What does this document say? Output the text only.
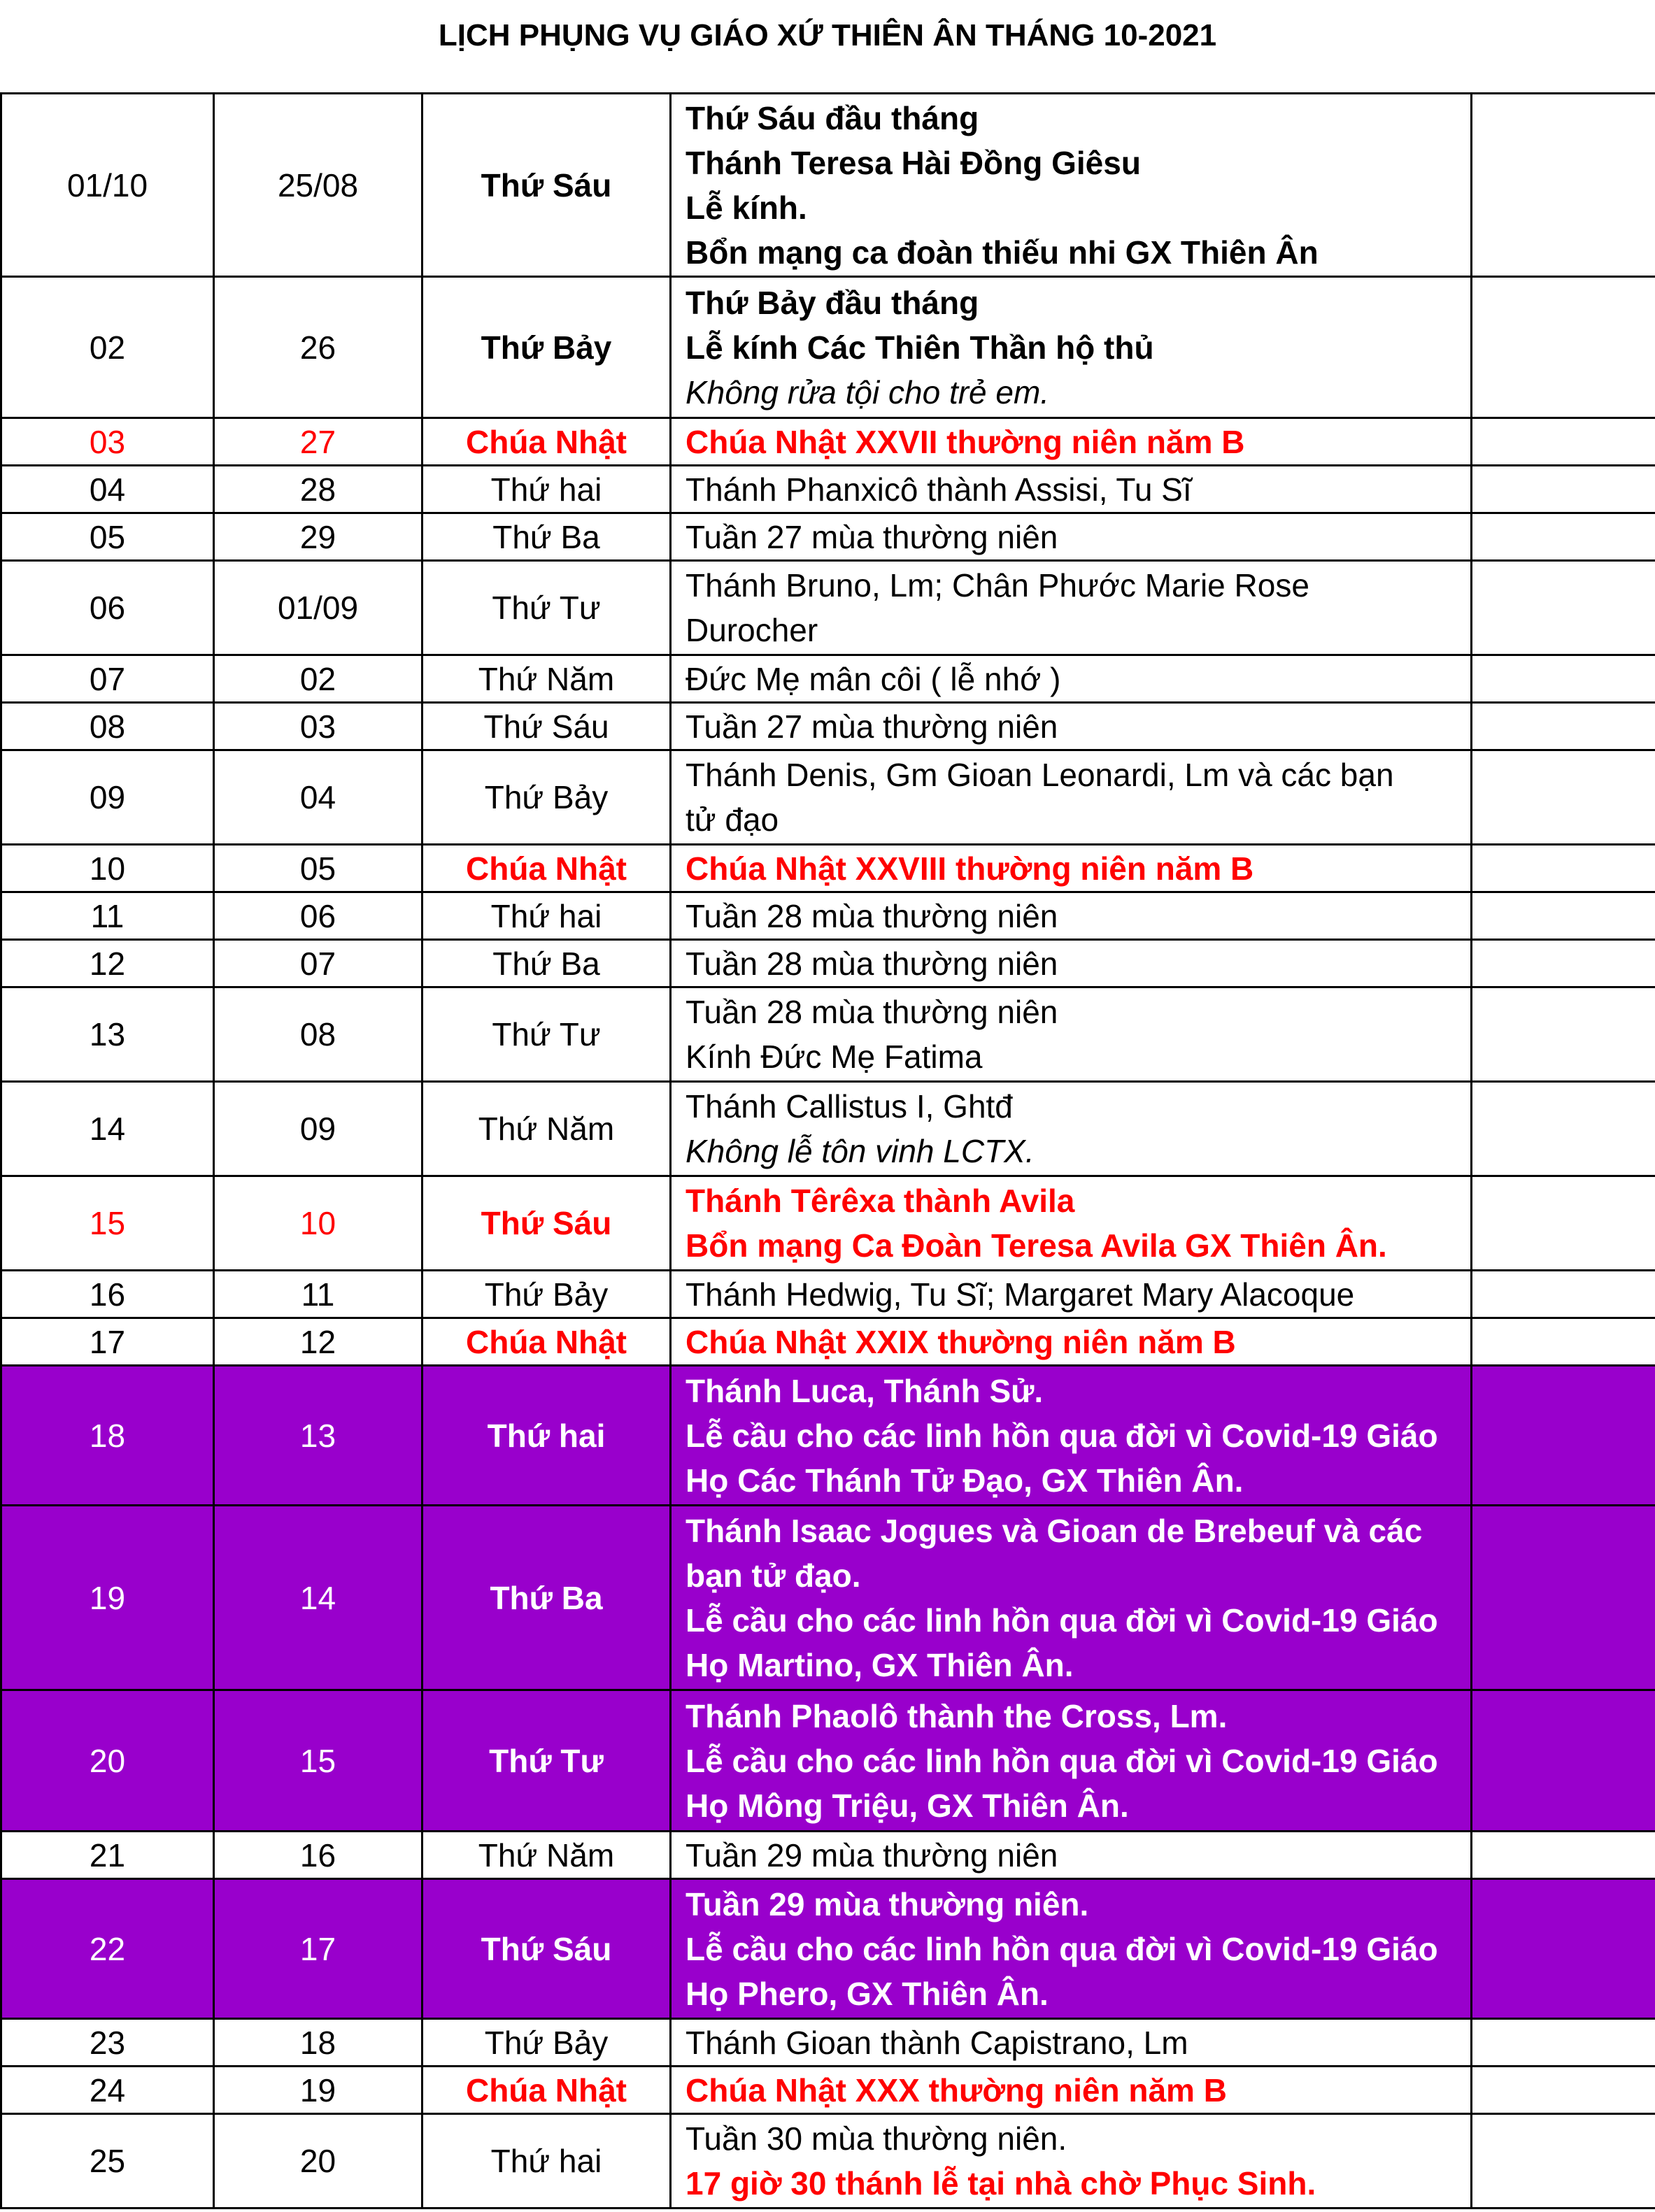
LỊCH PHỤNG VỤ GIÁO XỨ THIÊN ÂN THÁNG 10-2021
01/10	25/08	Thứ Sáu	Thứ Sáu đầu tháng
Thánh Teresa Hài Đồng Giêsu
Lễ kính.
Bổn mạng ca đoàn thiếu nhi GX Thiên Ân	

02	26	Thứ Bảy	Thứ Bảy đầu tháng
Lễ kính Các Thiên Thần hộ thủ
Không rửa tội cho trẻ em.	

03	27	Chúa Nhật	Chúa Nhật XXVII thường niên năm B	

04	28	Thứ hai	Thánh Phanxicô thành Assisi, Tu Sĩ	

05	29	Thứ Ba	Tuần 27 mùa thường niên	

06	01/09	Thứ Tư	Thánh Bruno, Lm; Chân Phước Marie Rose
Durocher	

07	02	Thứ Năm	Đức Mẹ mân côi ( lễ nhớ )	

08	03	Thứ Sáu	Tuần 27 mùa thường niên	

09	04	Thứ Bảy	Thánh Denis, Gm Gioan Leonardi, Lm và các bạn
tử đạo	

10	05	Chúa Nhật	Chúa Nhật XXVIII thường niên năm B	

11	06	Thứ hai	Tuần 28 mùa thường niên	

12	07	Thứ Ba	Tuần 28 mùa thường niên	

13	08	Thứ Tư	Tuần 28 mùa thường niên
Kính Đức Mẹ Fatima	

14	09	Thứ Năm	Thánh Callistus I, Ghtđ
Không lễ tôn vinh LCTX.	

15	10	Thứ Sáu	Thánh Têrêxa thành Avila
Bổn mạng Ca Đoàn Teresa Avila GX Thiên Ân.	

16	11	Thứ Bảy	Thánh Hedwig, Tu Sĩ; Margaret Mary Alacoque	

17	12	Chúa Nhật	Chúa Nhật XXIX thường niên năm B	

18	13	Thứ hai	Thánh Luca, Thánh Sử.
Lễ cầu cho các linh hồn qua đời vì Covid-19 Giáo
Họ Các Thánh Tử Đạo, GX Thiên Ân.	

19	14	Thứ Ba	Thánh Isaac Jogues và Gioan de Brebeuf và các
bạn tử đạo.
Lễ cầu cho các linh hồn qua đời vì Covid-19 Giáo
Họ Martino, GX Thiên Ân.	

20	15	Thứ Tư	Thánh Phaolô thành the Cross, Lm.
Lễ cầu cho các linh hồn qua đời vì Covid-19 Giáo
Họ Mông Triệu, GX Thiên Ân.	

21	16	Thứ Năm	Tuần 29 mùa thường niên	

22	17	Thứ Sáu	Tuần 29 mùa thường niên.
Lễ cầu cho các linh hồn qua đời vì Covid-19 Giáo
Họ Phero, GX Thiên Ân.	

23	18	Thứ Bảy	Thánh Gioan thành Capistrano, Lm	

24	19	Chúa Nhật	Chúa Nhật XXX thường niên năm B	

25	20	Thứ hai	Tuần 30 mùa thường niên.
17 giờ 30 thánh lễ tại nhà chờ Phục Sinh.	
